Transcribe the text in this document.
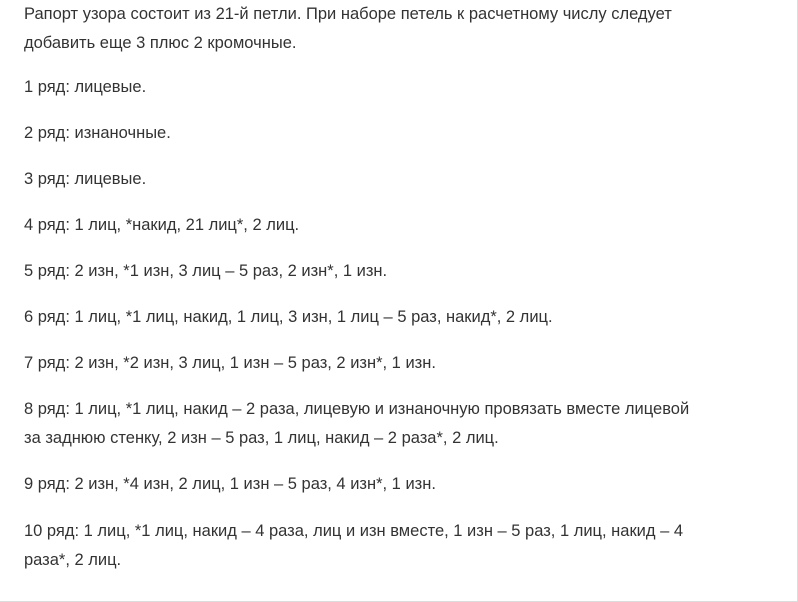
Рапорт узора состоит из 21-й петли. При наборе петель к расчетному числу следует добавить еще 3 плюс 2 кромочные.

1 ряд: лицевые.

2 ряд: изнаночные.

3 ряд: лицевые.

4 ряд: 1 лиц, *накид, 21 лиц*, 2 лиц.

5 ряд: 2 изн, *1 изн, 3 лиц – 5 раз, 2 изн*, 1 изн.

6 ряд: 1 лиц, *1 лиц, накид, 1 лиц, 3 изн, 1 лиц – 5 раз, накид*, 2 лиц.

7 ряд: 2 изн, *2 изн, 3 лиц, 1 изн – 5 раз, 2 изн*, 1 изн.

8 ряд: 1 лиц, *1 лиц, накид – 2 раза, лицевую и изнаночную провязать вместе лицевой за заднюю стенку, 2 изн – 5 раз, 1 лиц, накид – 2 раза*, 2 лиц.

9 ряд: 2 изн, *4 изн, 2 лиц, 1 изн – 5 раз, 4 изн*, 1 изн.

10 ряд: 1 лиц, *1 лиц, накид – 4 раза, лиц и изн вместе, 1 изн – 5 раз, 1 лиц, накид – 4 раза*, 2 лиц.
